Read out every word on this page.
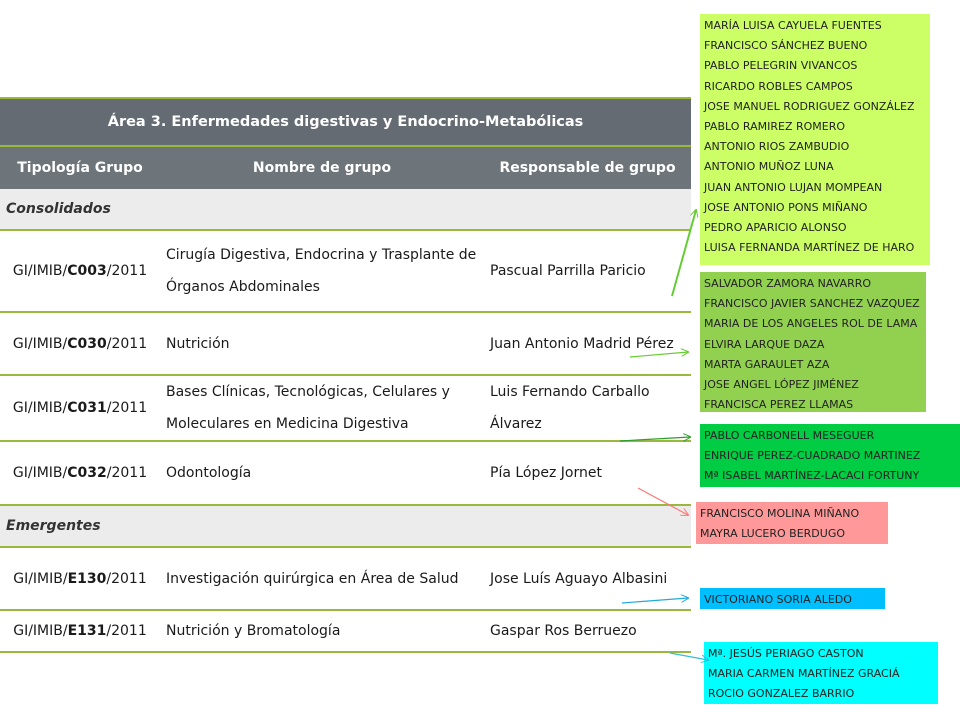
Área 3. Enfermedades digestivas y Endocrino-Metabólicas		
Tipología Grupo	Nombre de grupo	Responsable de grupo
Consolidados		
GI/IMIB/C003/2011	Cirugía Digestiva, Endocrina y Trasplante de Órganos Abdominales	Pascual Parrilla Paricio
GI/IMIB/C030/2011	Nutrición	Juan Antonio Madrid Pérez
GI/IMIB/C031/2011	Bases Clínicas, Tecnológicas, Celulares y Moleculares en Medicina Digestiva	Luis Fernando Carballo Álvarez
GI/IMIB/C032/2011	Odontología	Pía López Jornet
Emergentes		
GI/IMIB/E130/2011	Investigación quirúrgica en Área de Salud	Jose Luís Aguayo Albasini
GI/IMIB/E131/2011	Nutrición y Bromatología	Gaspar Ros Berruezo
MARÍA LUISA CAYUELA FUENTES
FRANCISCO SÁNCHEZ BUENO
PABLO PELEGRIN VIVANCOS
RICARDO ROBLES CAMPOS
JOSE MANUEL RODRIGUEZ GONZÁLEZ
PABLO RAMIREZ ROMERO
ANTONIO RIOS ZAMBUDIO
ANTONIO MUÑOZ LUNA
JUAN ANTONIO LUJAN MOMPEAN
JOSE ANTONIO PONS MIÑANO
PEDRO APARICIO ALONSO
LUISA FERNANDA MARTÍNEZ DE HARO
SALVADOR ZAMORA NAVARRO
FRANCISCO JAVIER SANCHEZ VAZQUEZ
MARIA DE LOS ANGELES ROL DE LAMA
ELVIRA LARQUE DAZA
MARTA GARAULET AZA
JOSE ANGEL LÓPEZ JIMÉNEZ
FRANCISCA PEREZ LLAMAS
PABLO CARBONELL MESEGUER
ENRIQUE PEREZ-CUADRADO MARTINEZ
Mª ISABEL MARTÍNEZ-LACACI FORTUNY
FRANCISCO MOLINA MIÑANO
MAYRA LUCERO BERDUGO
VICTORIANO SORIA ALEDO
Mª. JESÚS PERIAGO CASTON
MARIA CARMEN MARTÍNEZ GRACIÁ
ROCIO GONZALEZ BARRIO
